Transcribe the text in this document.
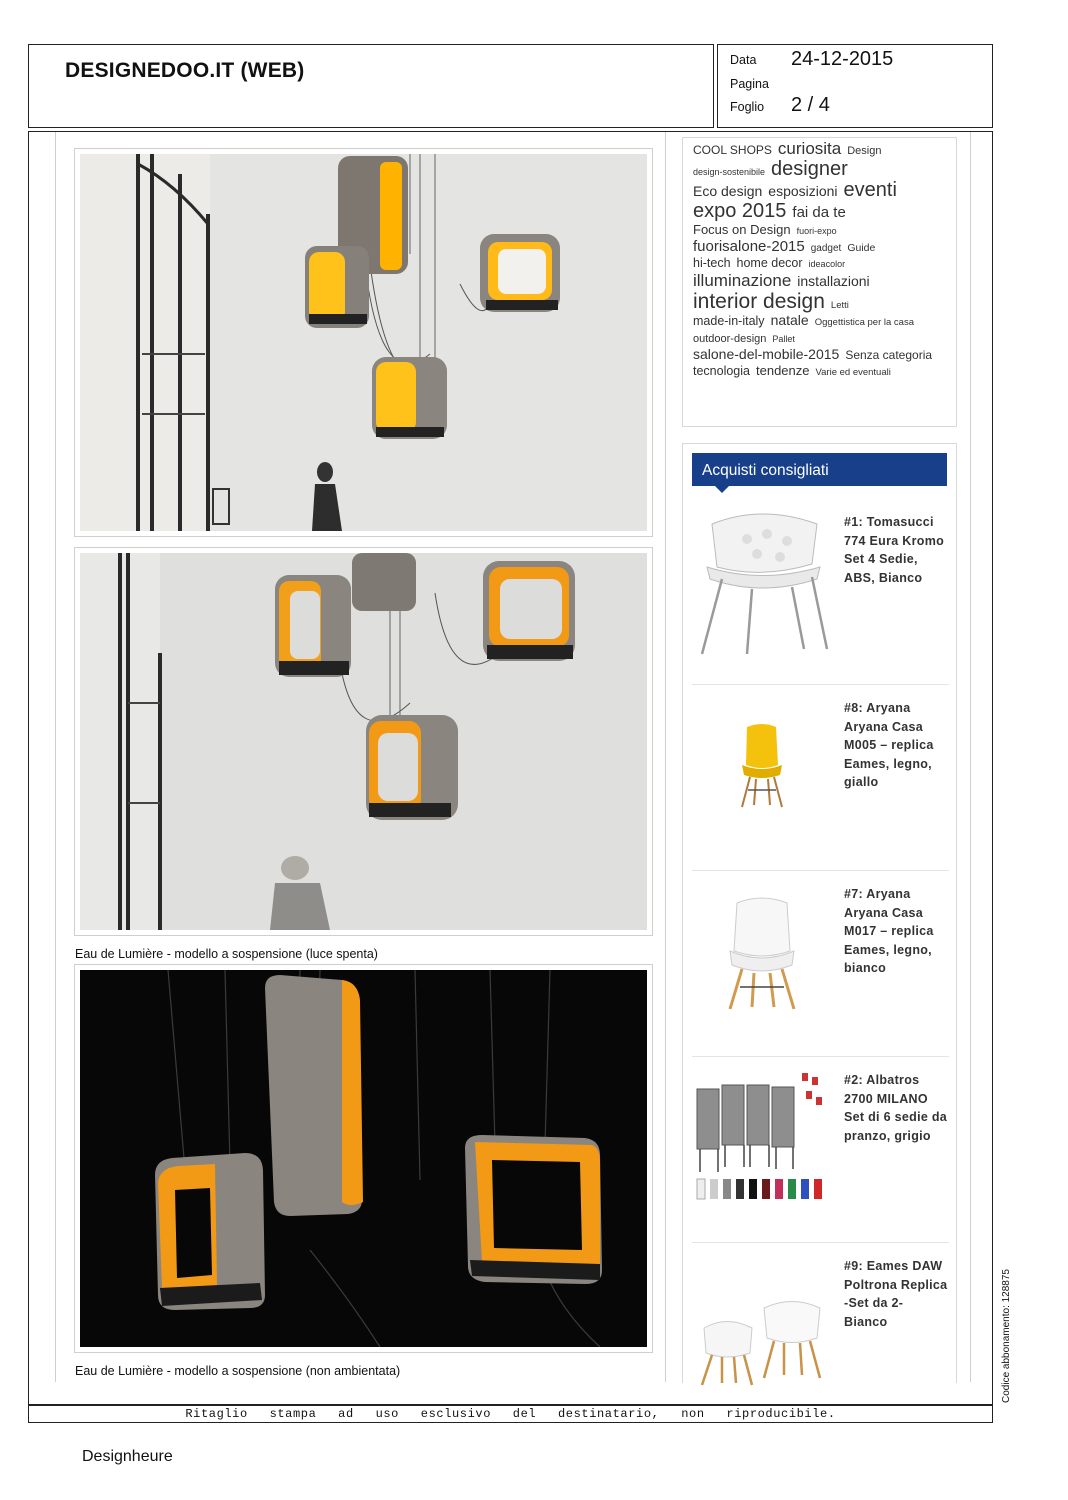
DESIGNEDOO.IT (WEB)	Data 24-12-2015
Pagina
Foglio 2 / 4
Eau de Lumière - modello a sospensione (luce spenta)
Eau de Lumière - modello a sospensione (non ambientata)
COOL SHOPS curiosita Design
design-sostenibile designer
Eco design esposizioni eventi
expo 2015 fai da te
Focus on Design fuori-expo
fuorisalone-2015 gadget Guide
hi-tech home decor ideacolor
illuminazione installazioni
interior design Letti
made-in-italy natale Oggettistica per la casa
outdoor-design Pallet
salone-del-mobile-2015 Senza categoria
tecnologia tendenze Varie ed eventuali
Acquisti consigliati
#1: Tomasucci 774 Eura Kromo Set 4 Sedie, ABS, Bianco
#8: Aryana Aryana Casa M005 – replica Eames, legno, giallo
#7: Aryana Aryana Casa M017 – replica Eames, legno, bianco
#2: Albatros 2700 MILANO Set di 6 sedie da pranzo, grigio
#9: Eames DAW Poltrona Replica -Set da 2- Bianco
Ritaglio stampa ad uso esclusivo del destinatario, non riproducibile.
Designheure
Codice abbonamento: 128875
